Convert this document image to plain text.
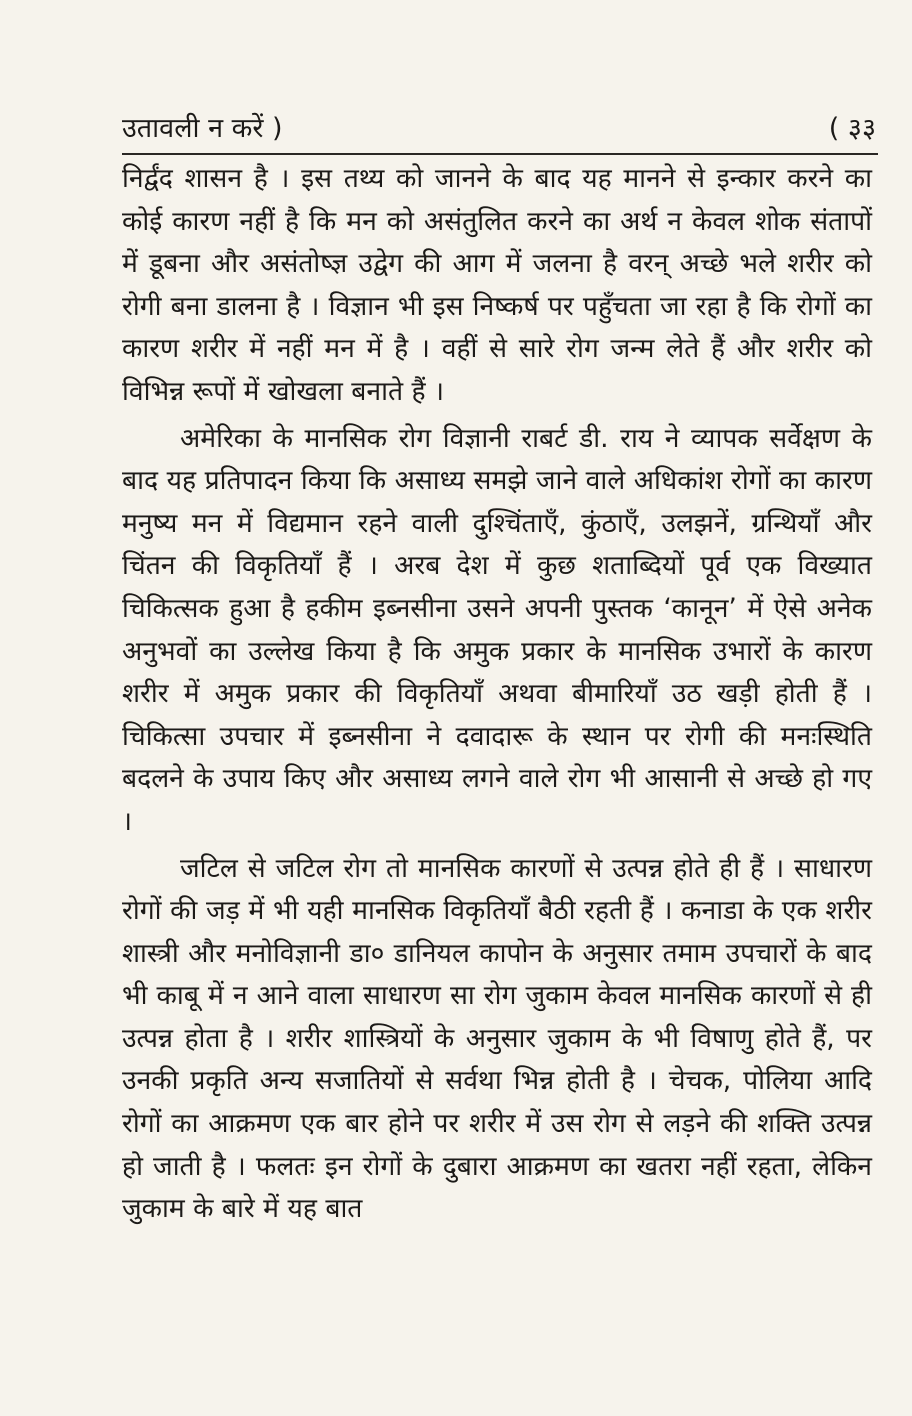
उतावली न करें )	( ३३

निर्द्वंद शासन है । इस तथ्य को जानने के बाद यह मानने से इन्कार करने का कोई कारण नहीं है कि मन को असंतुलित करने का अर्थ न केवल शोक संतापों में डूबना और असंतोष्ज्ञ उद्वेग की आग में जलना है वरन् अच्छे भले शरीर को रोगी बना डालना है । विज्ञान भी इस निष्कर्ष पर पहुँचता जा रहा है कि रोगों का कारण शरीर में नहीं मन में है । वहीं से सारे रोग जन्म लेते हैं और शरीर को विभिन्न रूपों में खोखला बनाते हैं ।

अमेरिका के मानसिक रोग विज्ञानी राबर्ट डी. राय ने व्यापक सर्वेक्षण के बाद यह प्रतिपादन किया कि असाध्य समझे जाने वाले अधिकांश रोगों का कारण मनुष्य मन में विद्यमान रहने वाली दुश्चिंताएँ, कुंठाएँ, उलझनें, ग्रन्थियाँ और चिंतन की विकृतियाँ हैं । अरब देश में कुछ शताब्दियों पूर्व एक विख्यात चिकित्सक हुआ है हकीम इब्नसीना उसने अपनी पुस्तक ‘कानून’ में ऐसे अनेक अनुभवों का उल्लेख किया है कि अमुक प्रकार के मानसिक उभारों के कारण शरीर में अमुक प्रकार की विकृतियाँ अथवा बीमारियाँ उठ खड़ी होती हैं । चिकित्सा उपचार में इब्नसीना ने दवादारू के स्थान पर रोगी की मनःस्थिति बदलने के उपाय किए और असाध्य लगने वाले रोग भी आसानी से अच्छे हो गए ।

जटिल से जटिल रोग तो मानसिक कारणों से उत्पन्न होते ही हैं । साधारण रोगों की जड़ में भी यही मानसिक विकृतियाँ बैठी रहती हैं । कनाडा के एक शरीर शास्त्री और मनोविज्ञानी डा० डानियल कापोन के अनुसार तमाम उपचारों के बाद भी काबू में न आने वाला साधारण सा रोग जुकाम केवल मानसिक कारणों से ही उत्पन्न होता है । शरीर शास्त्रियों के अनुसार जुकाम के भी विषाणु होते हैं, पर उनकी प्रकृति अन्य सजातियों से सर्वथा भिन्न होती है । चेचक, पोलिया आदि रोगों का आक्रमण एक बार होने पर शरीर में उस रोग से लड़ने की शक्ति उत्पन्न हो जाती है । फलतः इन रोगों के दुबारा आक्रमण का खतरा नहीं रहता, लेकिन जुकाम के बारे में यह बात
